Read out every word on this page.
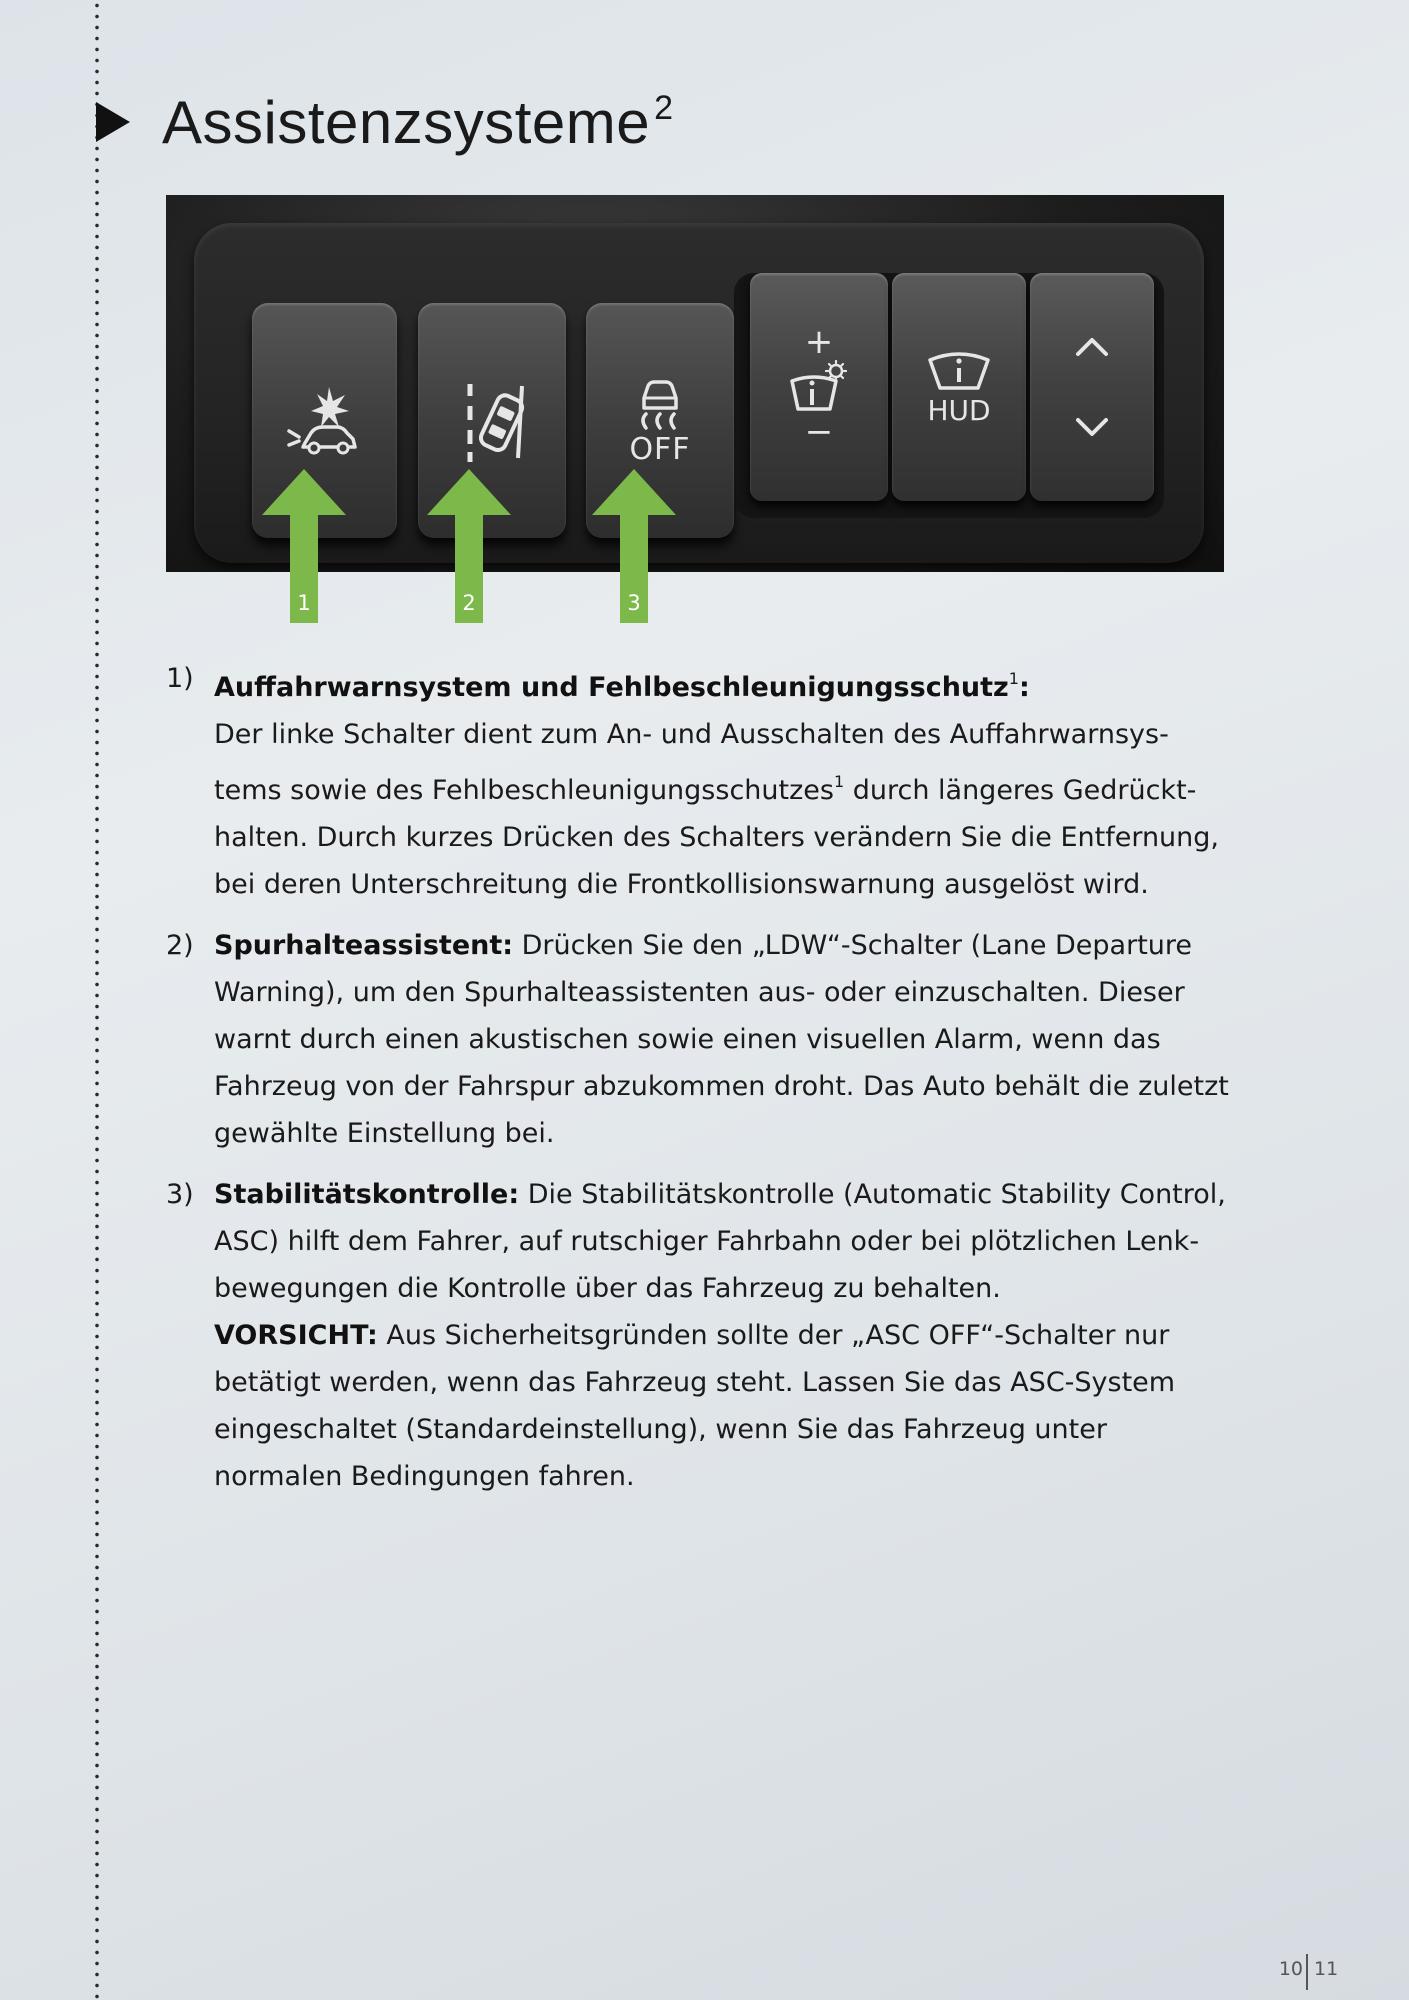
Assistenzsysteme $^2$
OFF
+
−
HUD
1	2	3
1) Auffahrwarnsystem und Fehlbeschleunigungsschutz$^1$:
Der linke Schalter dient zum An- und Ausschalten des Auffahrwarnsys-tems sowie des Fehlbeschleunigungsschutzes$^1$ durch längeres Gedrückt-halten. Durch kurzes Drücken des Schalters verändern Sie die Entfernung, bei deren Unterschreitung die Frontkollisionswarnung ausgelöst wird.
2) Spurhalteassistent: Drücken Sie den „LDW“-Schalter (Lane Departure Warning), um den Spurhalteassistenten aus- oder einzuschalten. Dieser warnt durch einen akustischen sowie einen visuellen Alarm, wenn das Fahrzeug von der Fahrspur abzukommen droht. Das Auto behält die zuletzt gewählte Einstellung bei.
3) Stabilitätskontrolle: Die Stabilitätskontrolle (Automatic Stability Control, ASC) hilft dem Fahrer, auf rutschiger Fahrbahn oder bei plötzlichen Lenk-bewegungen die Kontrolle über das Fahrzeug zu behalten.
VORSICHT: Aus Sicherheitsgründen sollte der „ASC OFF“-Schalter nur betätigt werden, wenn das Fahrzeug steht. Lassen Sie das ASC-System eingeschaltet (Standardeinstellung), wenn Sie das Fahrzeug unter normalen Bedingungen fahren.
10 11
